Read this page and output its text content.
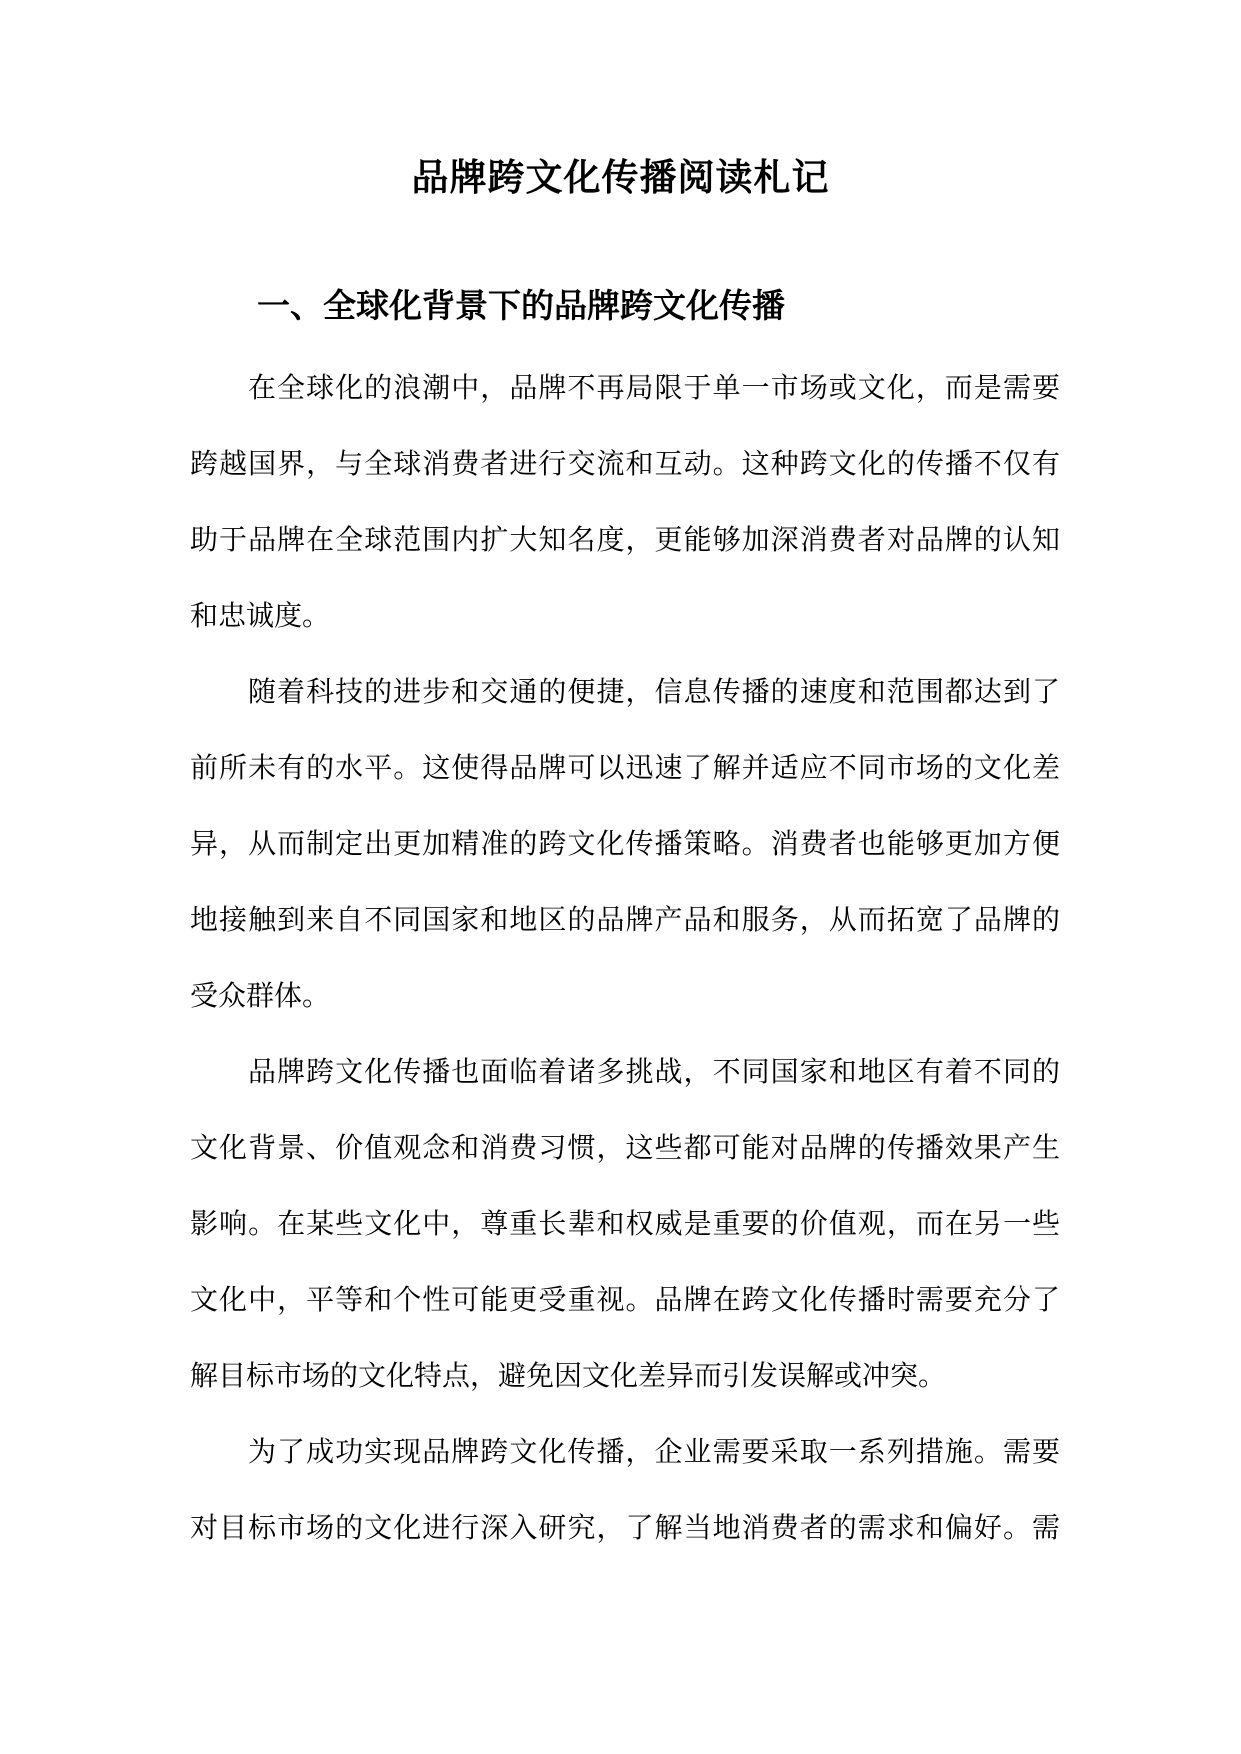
品牌跨文化传播阅读札记
一、全球化背景下的品牌跨文化传播
在全球化的浪潮中，品牌不再局限于单一市场或文化，而是需要
跨越国界，与全球消费者进行交流和互动。这种跨文化的传播不仅有
助于品牌在全球范围内扩大知名度，更能够加深消费者对品牌的认知
和忠诚度。
随着科技的进步和交通的便捷，信息传播的速度和范围都达到了
前所未有的水平。这使得品牌可以迅速了解并适应不同市场的文化差
异，从而制定出更加精准的跨文化传播策略。消费者也能够更加方便
地接触到来自不同国家和地区的品牌产品和服务，从而拓宽了品牌的
受众群体。
品牌跨文化传播也面临着诸多挑战，不同国家和地区有着不同的
文化背景、价值观念和消费习惯，这些都可能对品牌的传播效果产生
影响。在某些文化中，尊重长辈和权威是重要的价值观，而在另一些
文化中，平等和个性可能更受重视。品牌在跨文化传播时需要充分了
解目标市场的文化特点，避免因文化差异而引发误解或冲突。
为了成功实现品牌跨文化传播，企业需要采取一系列措施。需要
对目标市场的文化进行深入研究，了解当地消费者的需求和偏好。需
